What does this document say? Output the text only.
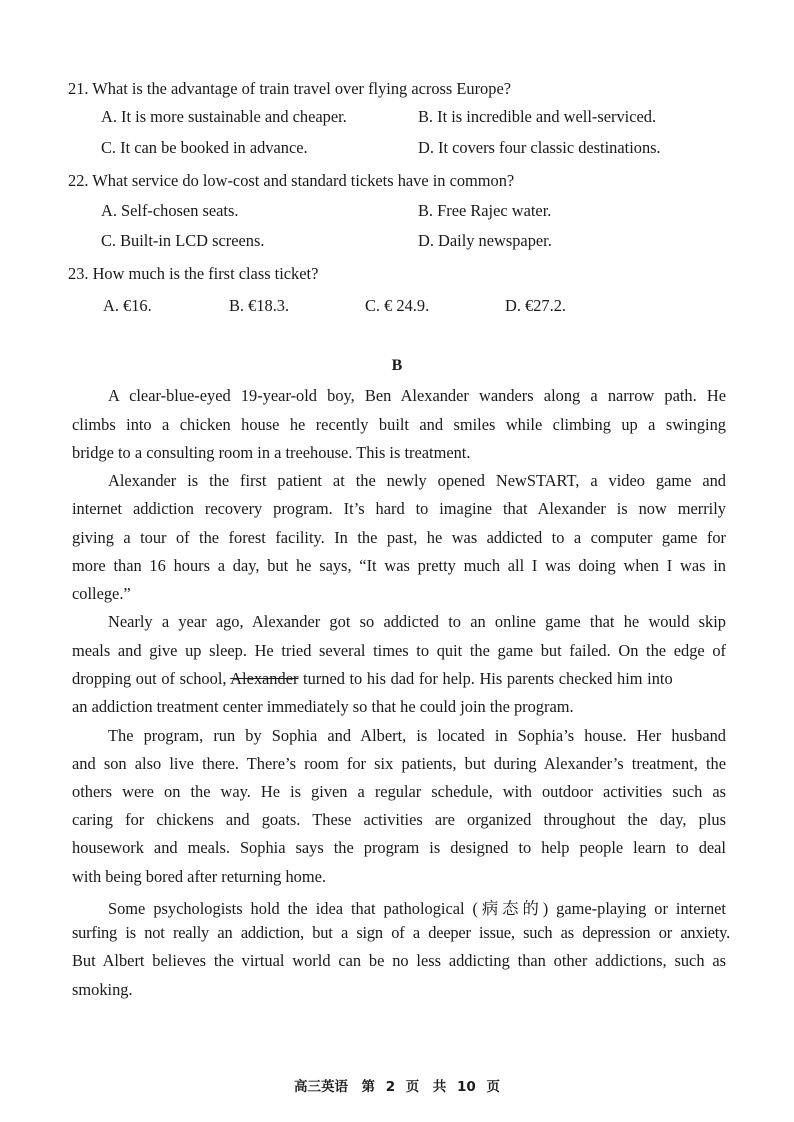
21. What is the advantage of train travel over flying across Europe?
A. It is more sustainable and cheaper.	B. It is incredible and well-serviced.
C. It can be booked in advance.	D. It covers four classic destinations.
22. What service do low-cost and standard tickets have in common?
A. Self-chosen seats.	B. Free Rajec water.
C. Built-in LCD screens.	D. Daily newspaper.
23. How much is the first class ticket?
A. €16.	B. €18.3.	C. € 24.9.	D. €27.2.
B
A clear-blue-eyed 19-year-old boy, Ben Alexander wanders along a narrow path. He
climbs into a chicken house he recently built and smiles while climbing up a swinging
bridge to a consulting room in a treehouse. This is treatment.
Alexander is the first patient at the newly opened NewSTART, a video game and
internet addiction recovery program. It’s hard to imagine that Alexander is now merrily
giving a tour of the forest facility. In the past, he was addicted to a computer game for
more than 16 hours a day, but he says, “It was pretty much all I was doing when I was in
college.”
Nearly a year ago, Alexander got so addicted to an online game that he would skip
meals and give up sleep. He tried several times to quit the game but failed. On the edge of
dropping out of school, Alexander turned to his dad for help. His parents checked him into
an addiction treatment center immediately so that he could join the program.
The program, run by Sophia and Albert, is located in Sophia’s house. Her husband
and son also live there. There’s room for six patients, but during Alexander’s treatment, the
others were on the way. He is given a regular schedule, with outdoor activities such as
caring for chickens and goats. These activities are organized throughout the day, plus
housework and meals. Sophia says the program is designed to help people learn to deal
with being bored after returning home.
Some psychologists hold the idea that pathological (病态的) game-playing or internet
surfing is not really an addiction, but a sign of a deeper issue, such as depression or anxiety.
But Albert believes the virtual world can be no less addicting than other addictions, such as
smoking.
高三英语　第 2 页　共 10 页
